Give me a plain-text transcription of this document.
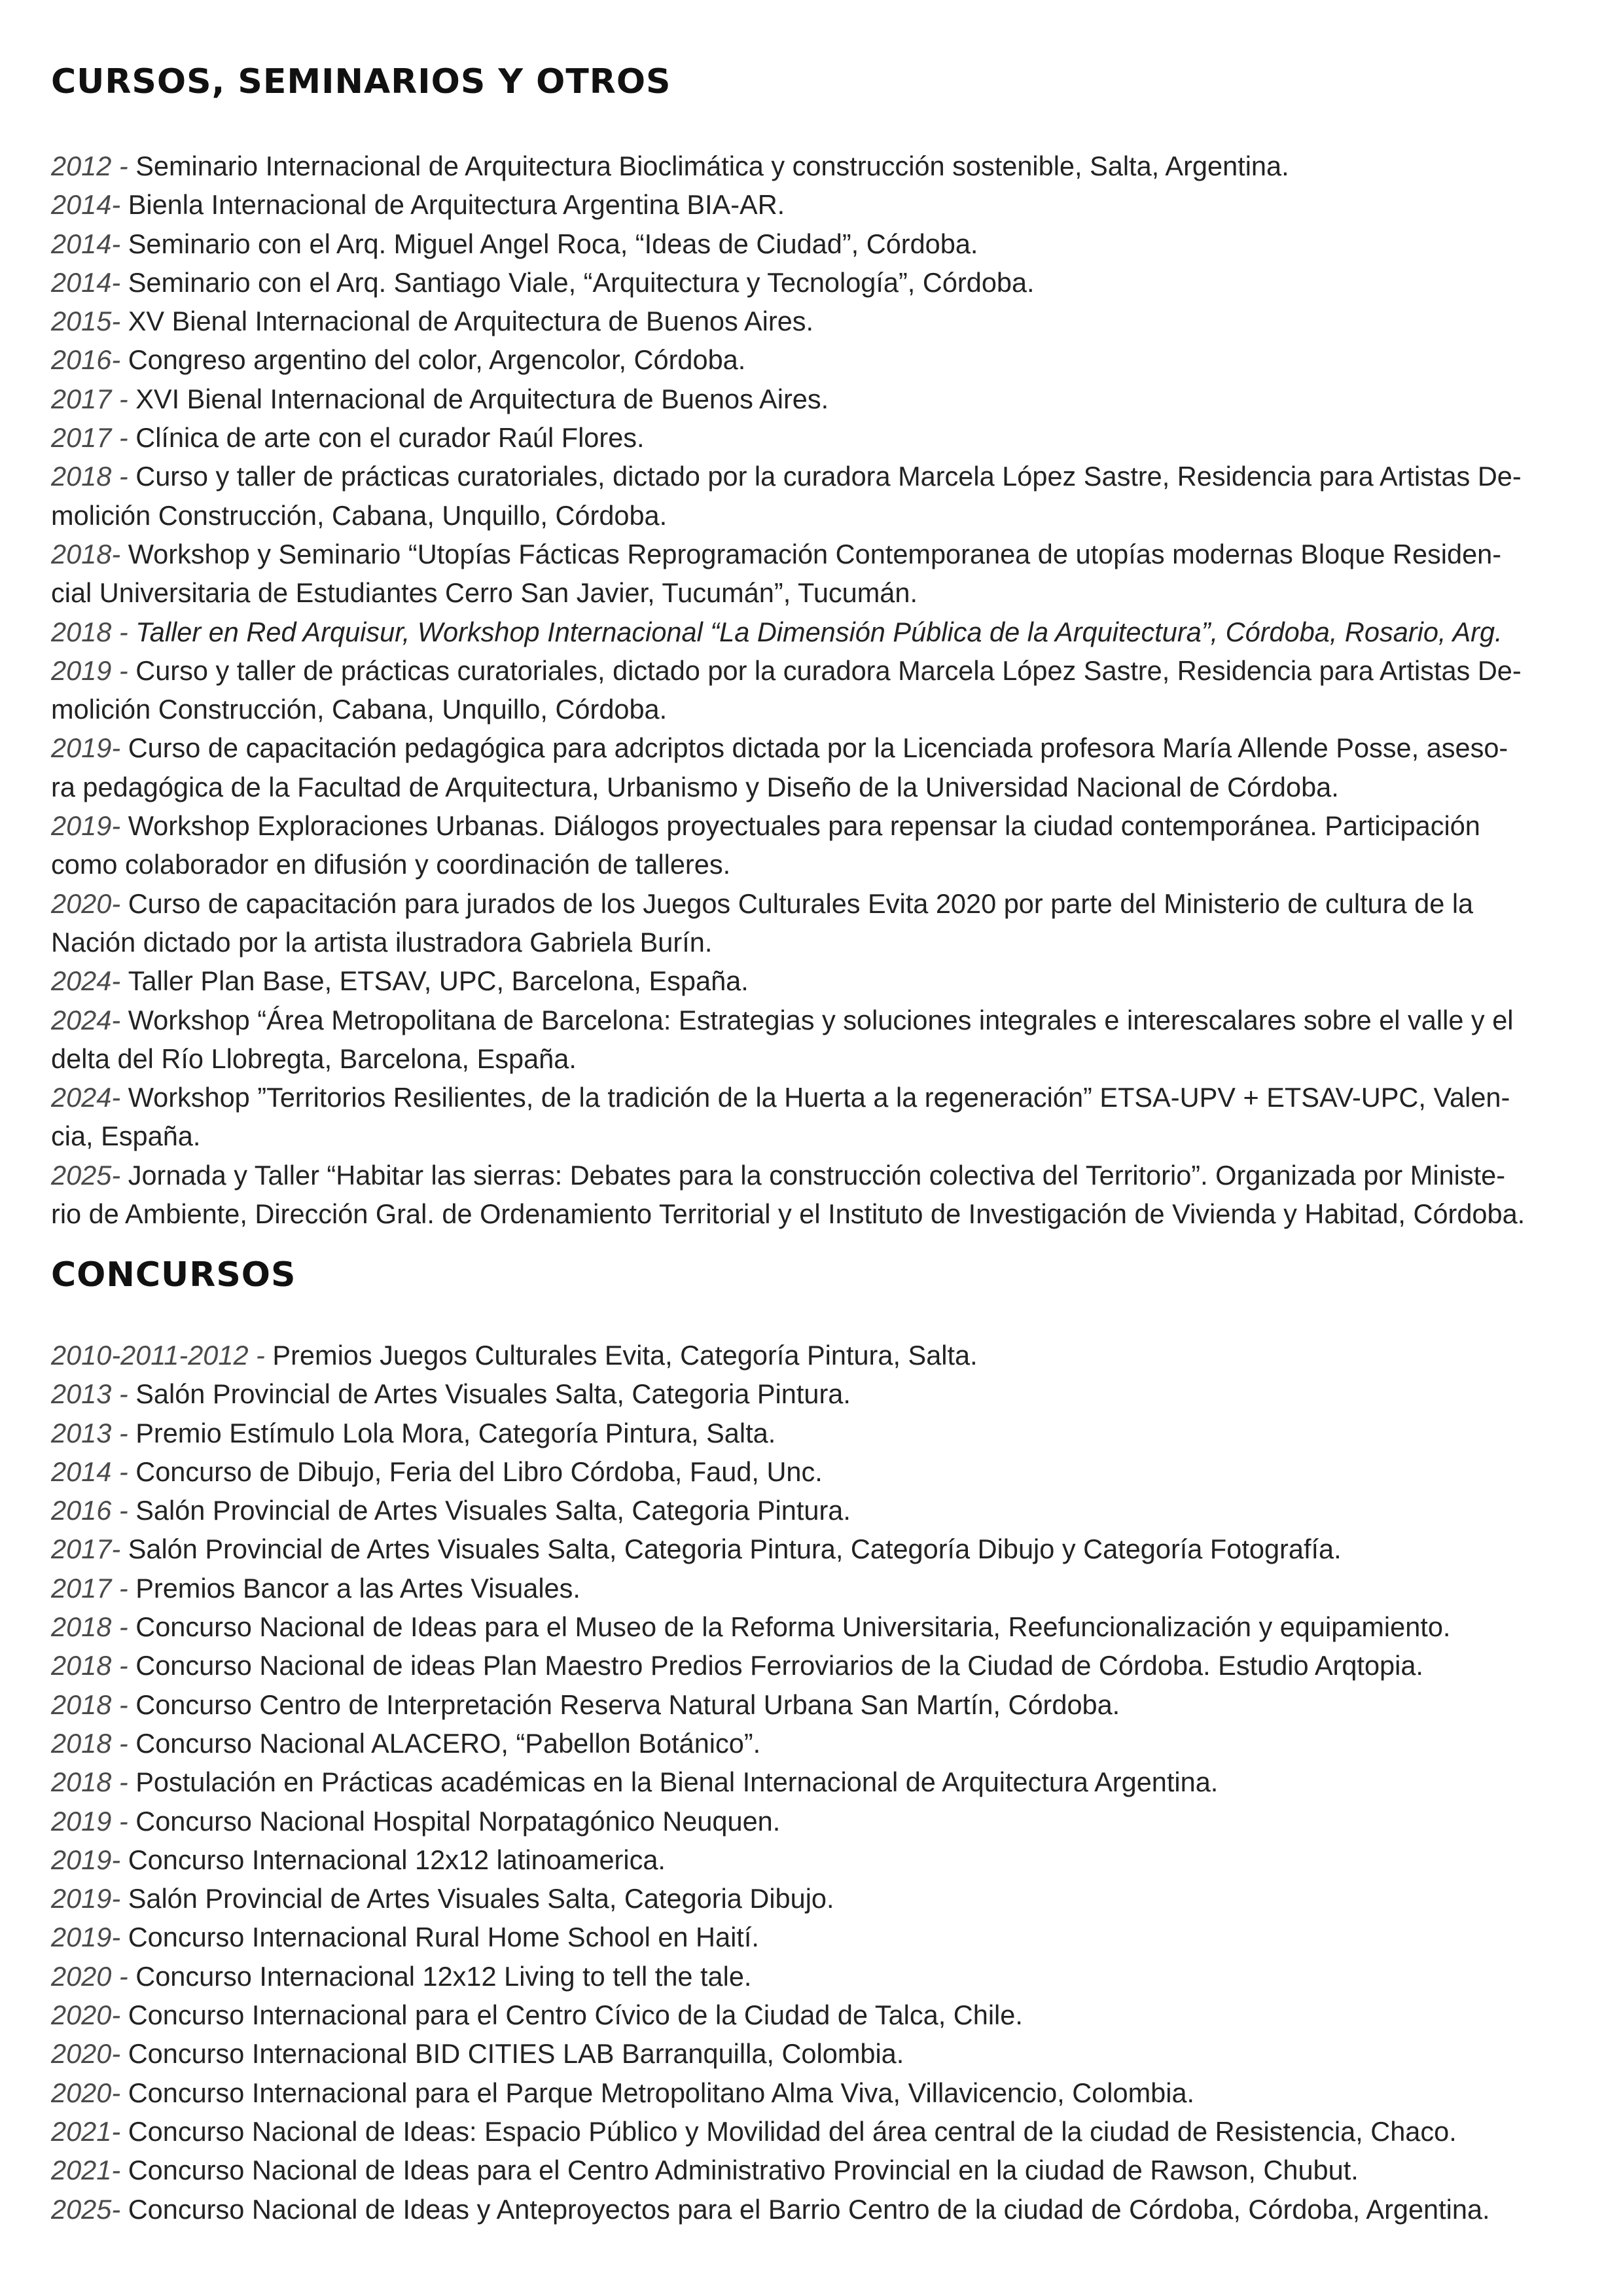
CURSOS, SEMINARIOS Y OTROS

2012 - Seminario Internacional de Arquitectura Bioclimática y construcción sostenible, Salta, Argentina.

2014- Bienla Internacional de Arquitectura Argentina BIA-AR.

2014- Seminario con el Arq. Miguel Angel Roca, “Ideas de Ciudad”, Córdoba.

2014- Seminario con el Arq. Santiago Viale, “Arquitectura y Tecnología”, Córdoba.

2015- XV Bienal Internacional de Arquitectura de Buenos Aires.

2016- Congreso argentino del color, Argencolor, Córdoba.

2017 - XVI Bienal Internacional de Arquitectura de Buenos Aires.

2017 - Clínica de arte con el curador Raúl Flores.

2018 - Curso y taller de prácticas curatoriales, dictado por la curadora Marcela López Sastre, Residencia para Artistas De-

molición Construcción, Cabana, Unquillo, Córdoba.

2018- Workshop y Seminario “Utopías Fácticas Reprogramación Contemporanea de utopías modernas Bloque Residen-

cial Universitaria de Estudiantes Cerro San Javier, Tucumán”, Tucumán.

2018 - Taller en Red Arquisur, Workshop Internacional “La Dimensión Pública de la Arquitectura”, Córdoba, Rosario, Arg.

2019 - Curso y taller de prácticas curatoriales, dictado por la curadora Marcela López Sastre, Residencia para Artistas De-

molición Construcción, Cabana, Unquillo, Córdoba.

2019- Curso de capacitación pedagógica para adcriptos dictada por la Licenciada profesora María Allende Posse, aseso-

ra pedagógica de la Facultad de Arquitectura, Urbanismo y Diseño de la Universidad Nacional de Córdoba.

2019- Workshop Exploraciones Urbanas. Diálogos proyectuales para repensar la ciudad contemporánea. Participación

como colaborador en difusión y coordinación de talleres.

2020- Curso de capacitación para jurados de los Juegos Culturales Evita 2020 por parte del Ministerio de cultura de la

Nación dictado por la artista ilustradora Gabriela Burín.

2024- Taller Plan Base, ETSAV, UPC, Barcelona, España.

2024- Workshop “Área Metropolitana de Barcelona: Estrategias y soluciones integrales e interescalares sobre el valle y el

delta del Río Llobregta, Barcelona, España.

2024- Workshop ”Territorios Resilientes, de la tradición de la Huerta a la regeneración” ETSA-UPV + ETSAV-UPC, Valen-

cia, España.

2025- Jornada y Taller “Habitar las sierras: Debates para la construcción colectiva del Territorio”. Organizada por Ministe-

rio de Ambiente, Dirección Gral. de Ordenamiento Territorial y el Instituto de Investigación de Vivienda y Habitad, Córdoba.

CONCURSOS

2010-2011-2012 - Premios Juegos Culturales Evita, Categoría Pintura, Salta.

2013 - Salón Provincial de Artes Visuales Salta, Categoria Pintura.

2013 - Premio Estímulo Lola Mora, Categoría Pintura, Salta.

2014 - Concurso de Dibujo, Feria del Libro Córdoba, Faud, Unc.

2016 - Salón Provincial de Artes Visuales Salta, Categoria Pintura.

2017- Salón Provincial de Artes Visuales Salta, Categoria Pintura, Categoría Dibujo y Categoría Fotografía.

2017 - Premios Bancor a las Artes Visuales.

2018 - Concurso Nacional de Ideas para el Museo de la Reforma Universitaria, Reefuncionalización y equipamiento.

2018 - Concurso Nacional de ideas Plan Maestro Predios Ferroviarios de la Ciudad de Córdoba. Estudio Arqtopia.

2018 - Concurso Centro de Interpretación Reserva Natural Urbana San Martín, Córdoba.

2018 - Concurso Nacional ALACERO, “Pabellon Botánico”.

2018 - Postulación en Prácticas académicas en la Bienal Internacional de Arquitectura Argentina.

2019 - Concurso Nacional Hospital Norpatagónico Neuquen.

2019- Concurso Internacional 12x12 latinoamerica.

2019- Salón Provincial de Artes Visuales Salta, Categoria Dibujo.

2019- Concurso Internacional Rural Home School en Haití.

2020 - Concurso Internacional 12x12 Living to tell the tale.

2020- Concurso Internacional para el Centro Cívico de la Ciudad de Talca, Chile.

2020- Concurso Internacional BID CITIES LAB Barranquilla, Colombia.

2020- Concurso Internacional para el Parque Metropolitano Alma Viva, Villavicencio, Colombia.

2021- Concurso Nacional de Ideas: Espacio Público y Movilidad del área central de la ciudad de Resistencia, Chaco.

2021- Concurso Nacional de Ideas para el Centro Administrativo Provincial en la ciudad de Rawson, Chubut.

2025- Concurso Nacional de Ideas y Anteproyectos para el Barrio Centro de la ciudad de Córdoba, Córdoba, Argentina.
